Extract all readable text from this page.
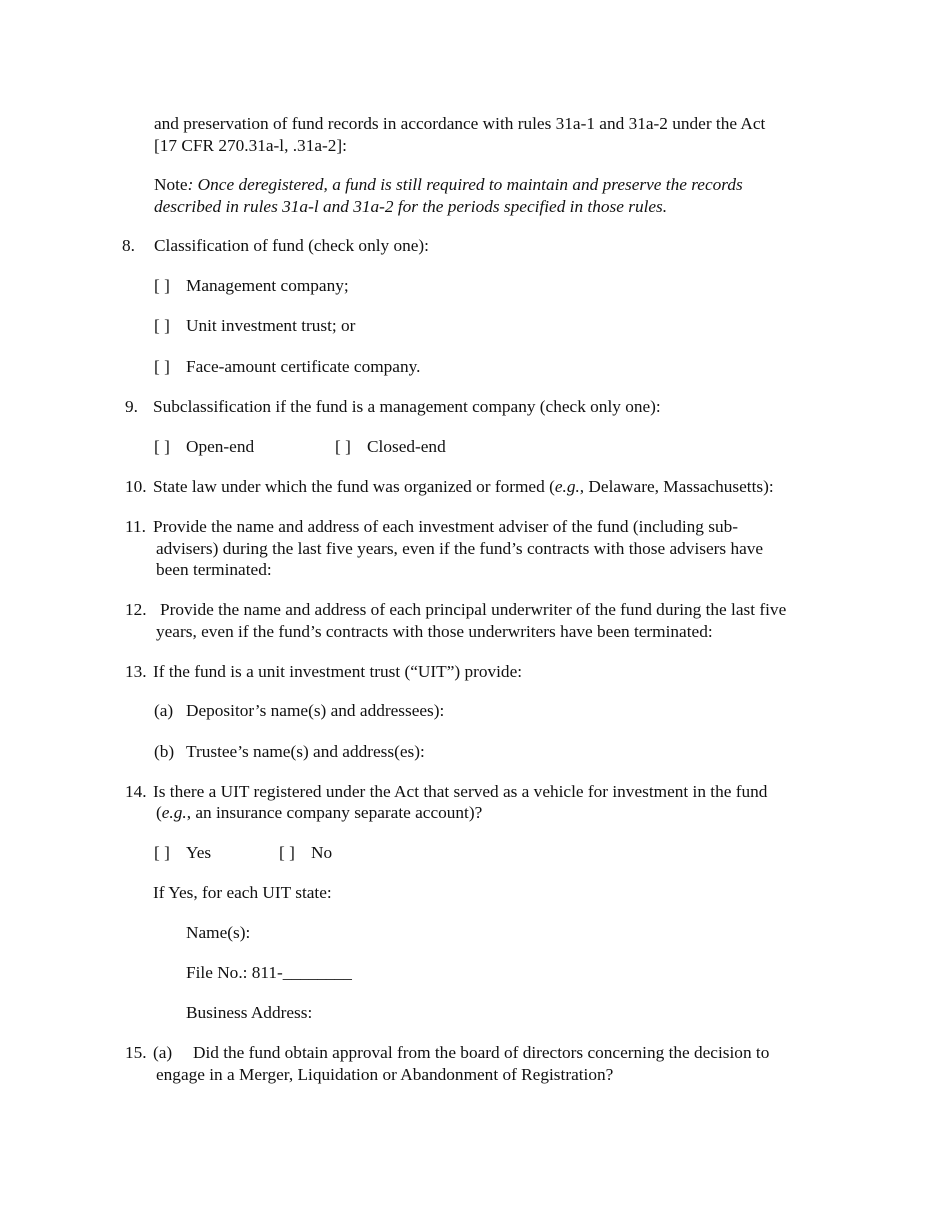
and preservation of fund records in accordance with rules 31a-1 and 31a-2 under the Act

[17 CFR 270.31a-l, .31a-2]:

Note: Once deregistered, a fund is still required to maintain and preserve the records

described in rules 31a-l and 31a-2 for the periods specified in those rules.

8. Classification of fund (check only one):

[ ] Management company;

[ ] Unit investment trust; or

[ ] Face-amount certificate company.

9. Subclassification if the fund is a management company (check only one):

[ ] Open-end	[ ] Closed-end

10. State law under which the fund was organized or formed (e.g., Delaware, Massachusetts):

11. Provide the name and address of each investment adviser of the fund (including sub-

advisers) during the last five years, even if the fund’s contracts with those advisers have

been terminated:

12. Provide the name and address of each principal underwriter of the fund during the last five

years, even if the fund’s contracts with those underwriters have been terminated:

13. If the fund is a unit investment trust (“UIT”) provide:

(a) Depositor’s name(s) and addressees):

(b) Trustee’s name(s) and address(es):

14. Is there a UIT registered under the Act that served as a vehicle for investment in the fund

(e.g., an insurance company separate account)?

[ ] Yes	[ ] No

If Yes, for each UIT state:

Name(s):

File No.: 811-________

Business Address:

15. (a) Did the fund obtain approval from the board of directors concerning the decision to

engage in a Merger, Liquidation or Abandonment of Registration?
